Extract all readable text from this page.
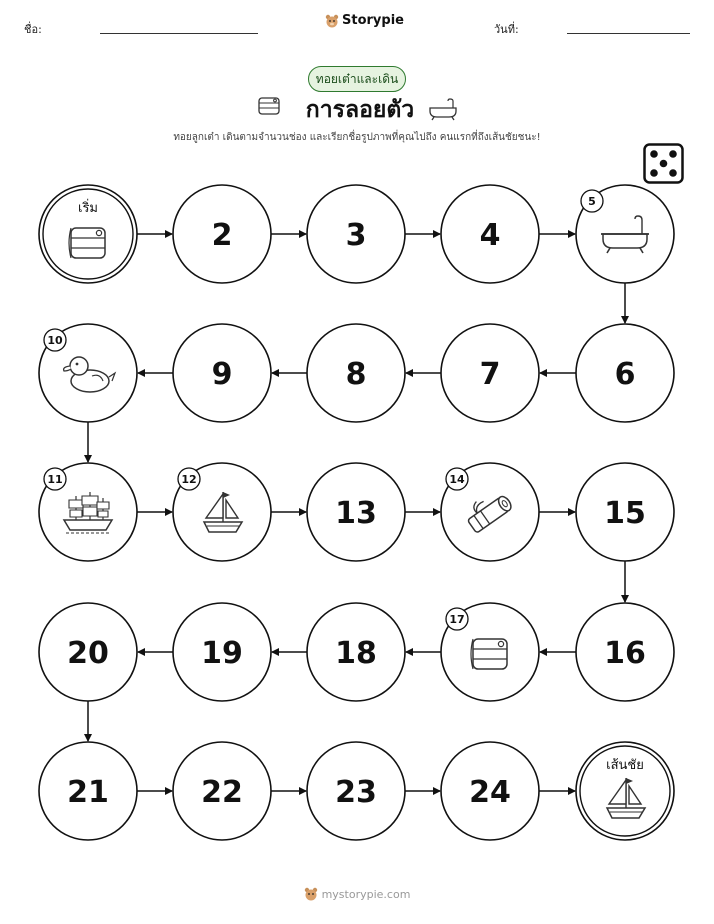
ชื่อ:
Storypie
วันที่:
ทอยเต๋าและเดิน
การลอยตัว
ทอยลูกเต๋า เดินตามจำนวนช่อง และเรียกชื่อรูปภาพที่คุณไปถึง คนแรกที่ถึงเส้นชัยชนะ!
เริ่ม
2	3	4
5
6
7
8
9
10
11	12
13
14
15
16
17
18
19
20
21	22	23	24
เส้นชัย
mystorypie.com
